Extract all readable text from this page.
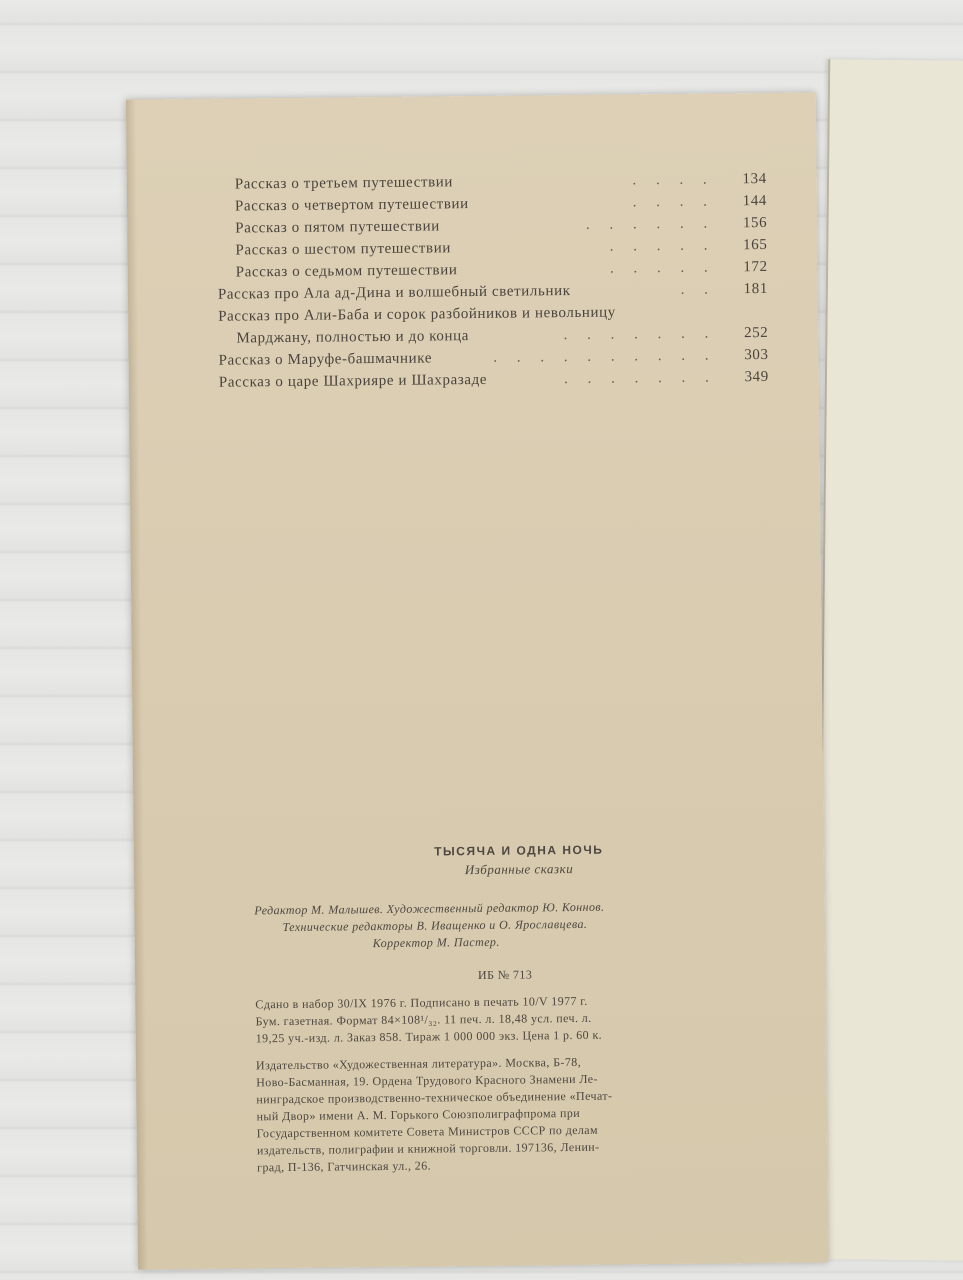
Рассказ о третьем путешествии	. . . . 134
Рассказ о четвертом путешествии	. . . . 144
Рассказ о пятом путешествии	. . . . . . 156
Рассказ о шестом путешествии	. . . . . 165
Рассказ о седьмом путешествии	. . . . . 172
Рассказ про Ала ад-Дина и волшебный светильник	. . 181
Рассказ про Али-Баба и сорок разбойников и невольницу
Марджану, полностью и до конца	. . . . . . . 252
Рассказ о Маруфе-башмачнике	. . . . . . . . . . 303
Рассказ о царе Шахрияре и Шахразаде	. . . . . . . 349
ТЫСЯЧА И ОДНА НОЧЬ
Избранные сказки
Редактор М. Малышев. Художественный редактор Ю. Коннов.
Технические редакторы В. Иващенко и О. Ярославцева.
Корректор М. Пастер.
ИБ № 713
Сдано в набор 30/IX 1976 г. Подписано в печать 10/V 1977 г.
Бум. газетная. Формат 84×108¹/₃₂. 11 печ. л. 18,48 усл. печ. л.
19,25 уч.-изд. л. Заказ 858. Тираж 1 000 000 экз. Цена 1 р. 60 к.
Издательство «Художественная литература». Москва, Б-78,
Ново-Басманная, 19. Ордена Трудового Красного Знамени Ле-
нинградское производственно-техническое объединение «Печат-
ный Двор» имени А. М. Горького Союзполиграфпрома при
Государственном комитете Совета Министров СССР по делам
издательств, полиграфии и книжной торговли. 197136, Ленин-
град, П-136, Гатчинская ул., 26.
